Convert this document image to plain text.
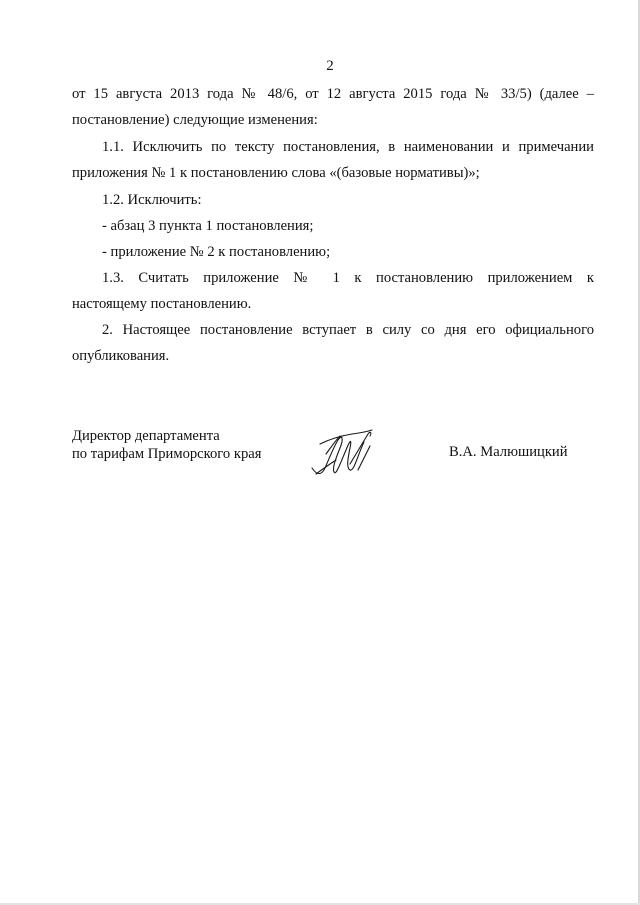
2
от 15 августа 2013 года № 48/6, от 12 августа 2015 года № 33/5) (далее –
постановление) следующие изменения:
1.1. Исключить по тексту постановления, в наименовании и примечании
приложения № 1 к постановлению слова «(базовые нормативы)»;
1.2. Исключить:
- абзац 3 пункта 1 постановления;
- приложение № 2 к постановлению;
1.3. Считать приложение № 1 к постановлению приложением к
настоящему постановлению.
2. Настоящее постановление вступает в силу со дня его официального
опубликования.
Директор департамента
по тарифам Приморского края	В.А. Малюшицкий
